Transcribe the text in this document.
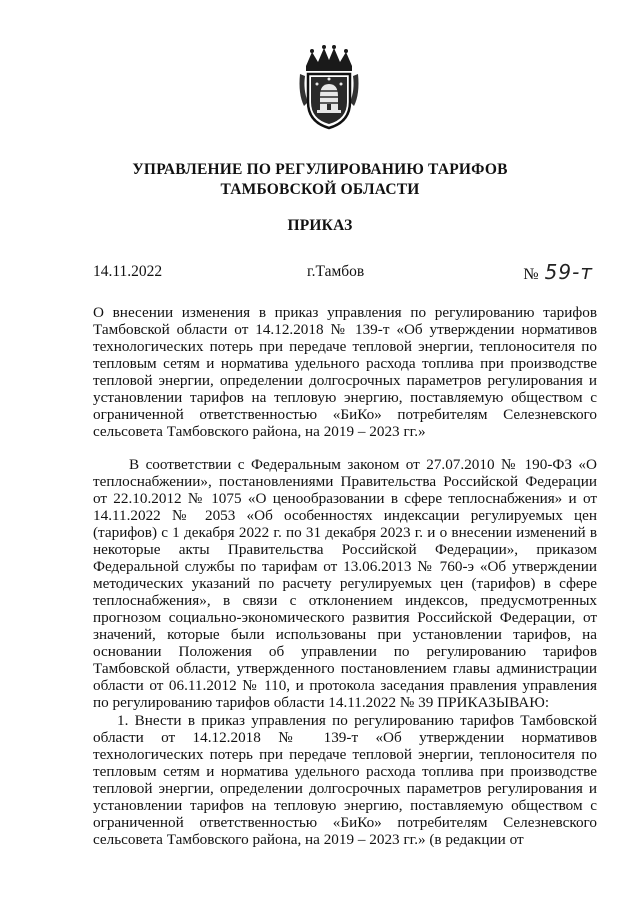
УПРАВЛЕНИЕ ПО РЕГУЛИРОВАНИЮ ТАРИФОВ
ТАМБОВСКОЙ ОБЛАСТИ
ПРИКАЗ
14.11.2022	г.Тамбов	№ 59-т

О внесении изменения в приказ управления по регулированию тарифов Тамбовской области от 14.12.2018 № 139-т «Об утверждении нормативов технологических потерь при передаче тепловой энергии, теплоносителя по тепловым сетям и норматива удельного расхода топлива при производстве тепловой энергии, определении долгосрочных параметров регулирования и установлении тарифов на тепловую энергию, поставляемую обществом с ограниченной ответственностью «БиКо» потребителям Селезневского сельсовета Тамбовского района, на 2019 – 2023 гг.»

В соответствии с Федеральным законом от 27.07.2010 № 190-ФЗ «О теплоснабжении», постановлениями Правительства Российской Федерации от 22.10.2012 № 1075 «О ценообразовании в сфере теплоснабжения» и от 14.11.2022 № 2053 «Об особенностях индексации регулируемых цен (тарифов) с 1 декабря 2022 г. по 31 декабря 2023 г. и о внесении изменений в некоторые акты Правительства Российской Федерации», приказом Федеральной службы по тарифам от 13.06.2013 № 760-э «Об утверждении методических указаний по расчету регулируемых цен (тарифов) в сфере теплоснабжения», в связи с отклонением индексов, предусмотренных прогнозом социально-экономического развития Российской Федерации, от значений, которые были использованы при установлении тарифов, на основании Положения об управлении по регулированию тарифов Тамбовской области, утвержденного постановлением главы администрации области от 06.11.2012 № 110, и протокола заседания правления управления по регулированию тарифов области 14.11.2022 № 39 ПРИКАЗЫВАЮ:

1. Внести в приказ управления по регулированию тарифов Тамбовской области от 14.12.2018 № 139-т «Об утверждении нормативов технологических потерь при передаче тепловой энергии, теплоносителя по тепловым сетям и норматива удельного расхода топлива при производстве тепловой энергии, определении долгосрочных параметров регулирования и установлении тарифов на тепловую энергию, поставляемую обществом с ограниченной ответственностью «БиКо» потребителям Селезневского сельсовета Тамбовского района, на 2019 – 2023 гг.» (в редакции от
